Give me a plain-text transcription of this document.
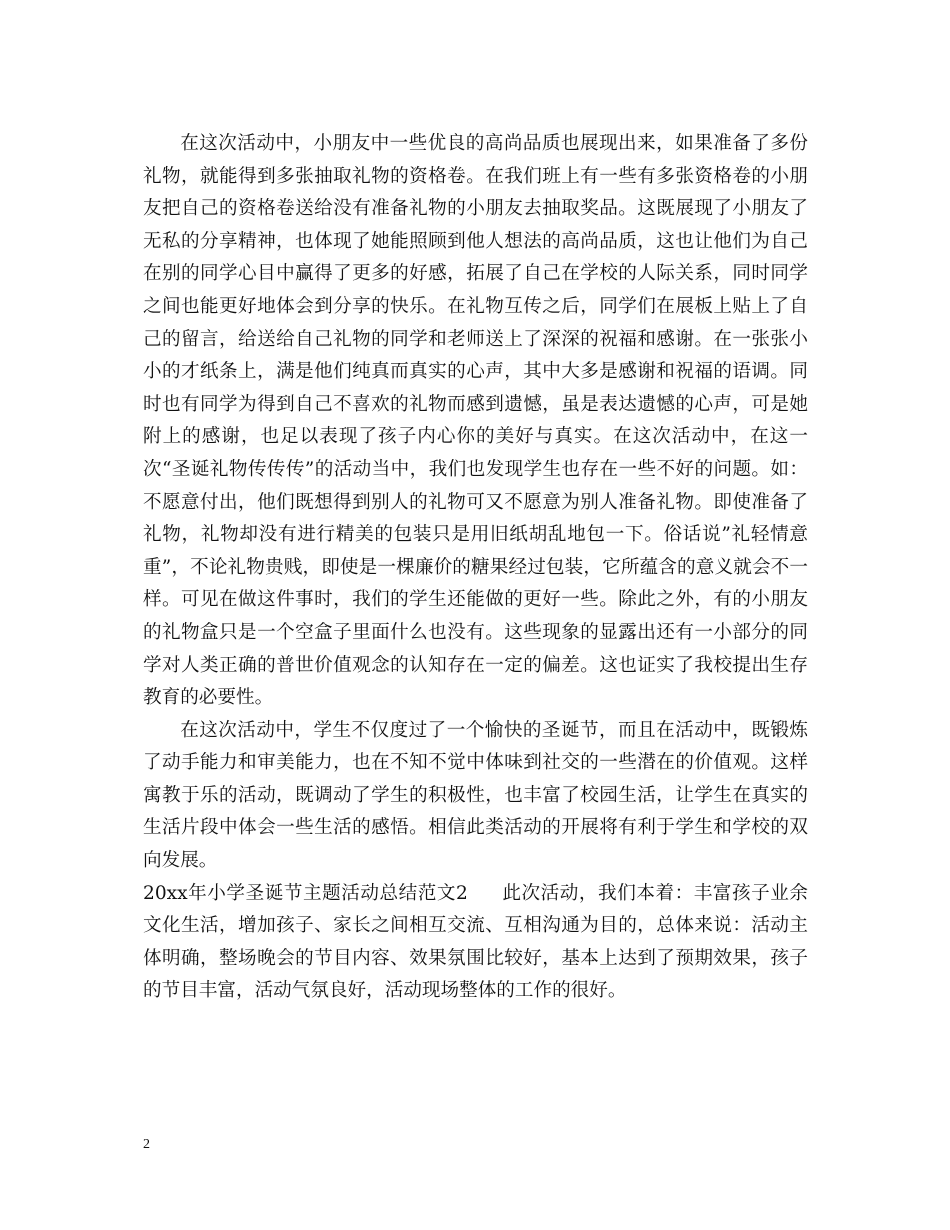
在这次活动中，小朋友中一些优良的高尚品质也展现出来，如果准备了多份礼物，就能得到多张抽取礼物的资格卷。在我们班上有一些有多张资格卷的小朋友把自己的资格卷送给没有准备礼物的小朋友去抽取奖品。这既展现了小朋友了无私的分享精神，也体现了她能照顾到他人想法的高尚品质，这也让他们为自己在别的同学心目中赢得了更多的好感，拓展了自己在学校的人际关系，同时同学之间也能更好地体会到分享的快乐。在礼物互传之后，同学们在展板上贴上了自己的留言，给送给自己礼物的同学和老师送上了深深的祝福和感谢。在一张张小小的才纸条上，满是他们纯真而真实的心声，其中大多是感谢和祝福的语调。同时也有同学为得到自己不喜欢的礼物而感到遗憾，虽是表达遗憾的心声，可是她附上的感谢，也足以表现了孩子内心你的美好与真实。在这次活动中，在这一次“圣诞礼物传传传”的活动当中，我们也发现学生也存在一些不好的问题。如：不愿意付出，他们既想得到别人的礼物可又不愿意为别人准备礼物。即使准备了礼物，礼物却没有进行精美的包装只是用旧纸胡乱地包一下。俗话说”礼轻情意重”，不论礼物贵贱，即使是一棵廉价的糖果经过包装，它所蕴含的意义就会不一样。可见在做这件事时，我们的学生还能做的更好一些。除此之外，有的小朋友的礼物盒只是一个空盒子里面什么也没有。这些现象的显露出还有一小部分的同学对人类正确的普世价值观念的认知存在一定的偏差。这也证实了我校提出生存教育的必要性。

在这次活动中，学生不仅度过了一个愉快的圣诞节，而且在活动中，既锻炼了动手能力和审美能力，也在不知不觉中体味到社交的一些潜在的价值观。这样寓教于乐的活动，既调动了学生的积极性，也丰富了校园生活，让学生在真实的生活片段中体会一些生活的感悟。相信此类活动的开展将有利于学生和学校的双向发展。

20xx年小学圣诞节主题活动总结范文2 此次活动，我们本着：丰富孩子业余文化生活，增加孩子、家长之间相互交流、互相沟通为目的，总体来说：活动主体明确，整场晚会的节目内容、效果氛围比较好，基本上达到了预期效果，孩子的节目丰富，活动气氛良好，活动现场整体的工作的很好。

2
